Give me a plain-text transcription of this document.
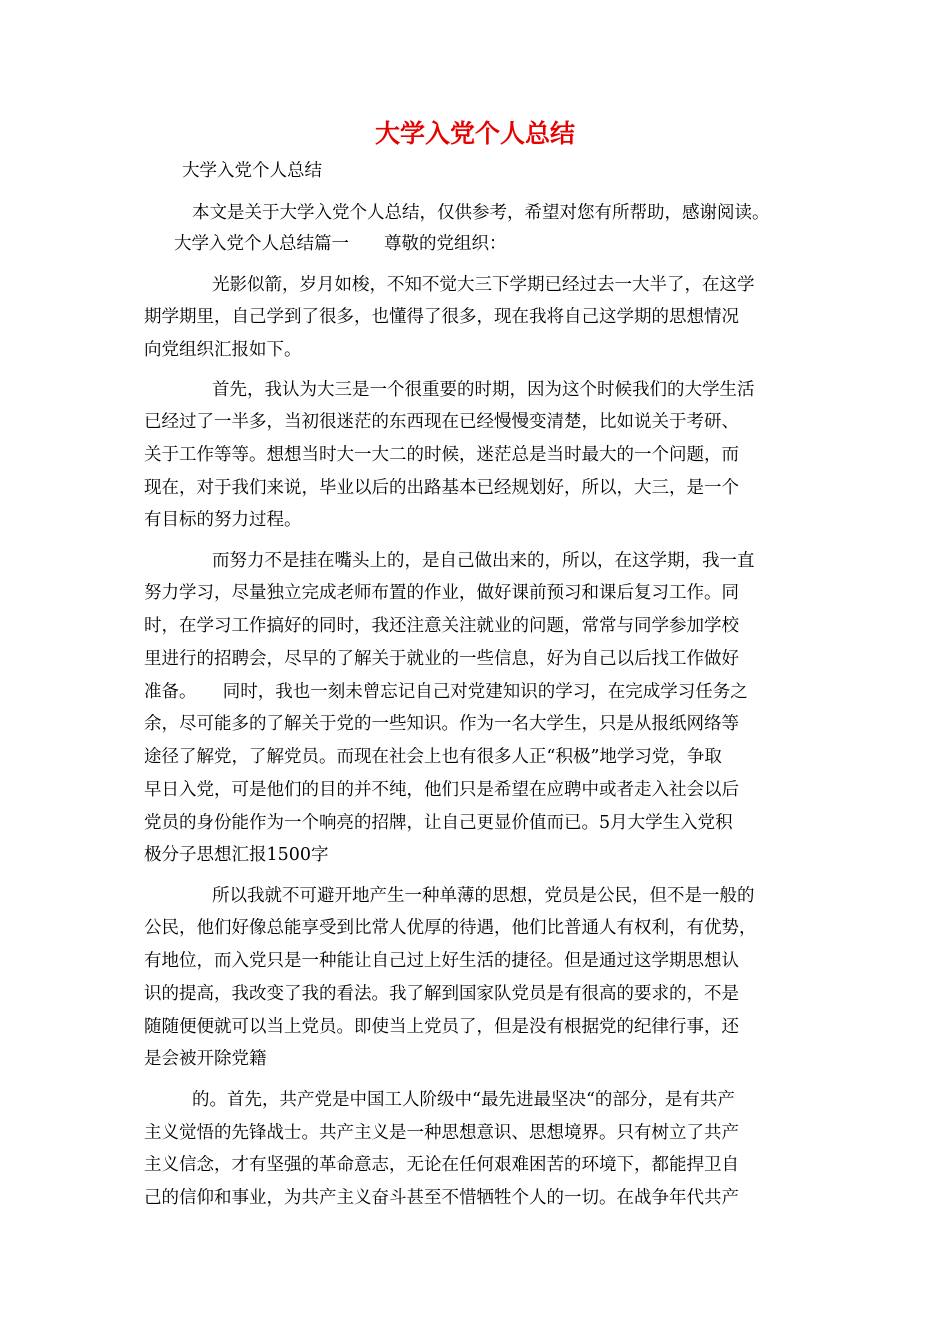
大学入党个人总结
大学入党个人总结
本文是关于大学入党个人总结，仅供参考，希望对您有所帮助，感谢阅读。
大学入党个人总结篇一　　尊敬的党组织：
光影似箭，岁月如梭，不知不觉大三下学期已经过去一大半了，在这学
期学期里，自己学到了很多，也懂得了很多，现在我将自己这学期的思想情况
向党组织汇报如下。
首先，我认为大三是一个很重要的时期，因为这个时候我们的大学生活
已经过了一半多，当初很迷茫的东西现在已经慢慢变清楚，比如说关于考研、
关于工作等等。想想当时大一大二的时候，迷茫总是当时最大的一个问题，而
现在，对于我们来说，毕业以后的出路基本已经规划好，所以，大三，是一个
有目标的努力过程。
而努力不是挂在嘴头上的，是自己做出来的，所以，在这学期，我一直
努力学习，尽量独立完成老师布置的作业，做好课前预习和课后复习工作。同
时，在学习工作搞好的同时，我还注意关注就业的问题，常常与同学参加学校
里进行的招聘会，尽早的了解关于就业的一些信息，好为自己以后找工作做好
准备。　　同时，我也一刻未曾忘记自己对党建知识的学习，在完成学习任务之
余，尽可能多的了解关于党的一些知识。作为一名大学生，只是从报纸网络等
途径了解党，了解党员。而现在社会上也有很多人正“积极”地学习党，争取
早日入党，可是他们的目的并不纯，他们只是希望在应聘中或者走入社会以后
党员的身份能作为一个响亮的招牌，让自己更显价值而已。5月大学生入党积
极分子思想汇报1500字
所以我就不可避开地产生一种单薄的思想，党员是公民，但不是一般的
公民，他们好像总能享受到比常人优厚的待遇，他们比普通人有权利，有优势，
有地位，而入党只是一种能让自己过上好生活的捷径。但是通过这学期思想认
识的提高，我改变了我的看法。我了解到国家队党员是有很高的要求的，不是
随随便便就可以当上党员。即使当上党员了，但是没有根据党的纪律行事，还
是会被开除党籍
的。首先，共产党是中国工人阶级中“最先进最坚决“的部分，是有共产
主义觉悟的先锋战士。共产主义是一种思想意识、思想境界。只有树立了共产
主义信念，才有坚强的革命意志，无论在任何艰难困苦的环境下，都能捍卫自
己的信仰和事业，为共产主义奋斗甚至不惜牺牲个人的一切。在战争年代共产
